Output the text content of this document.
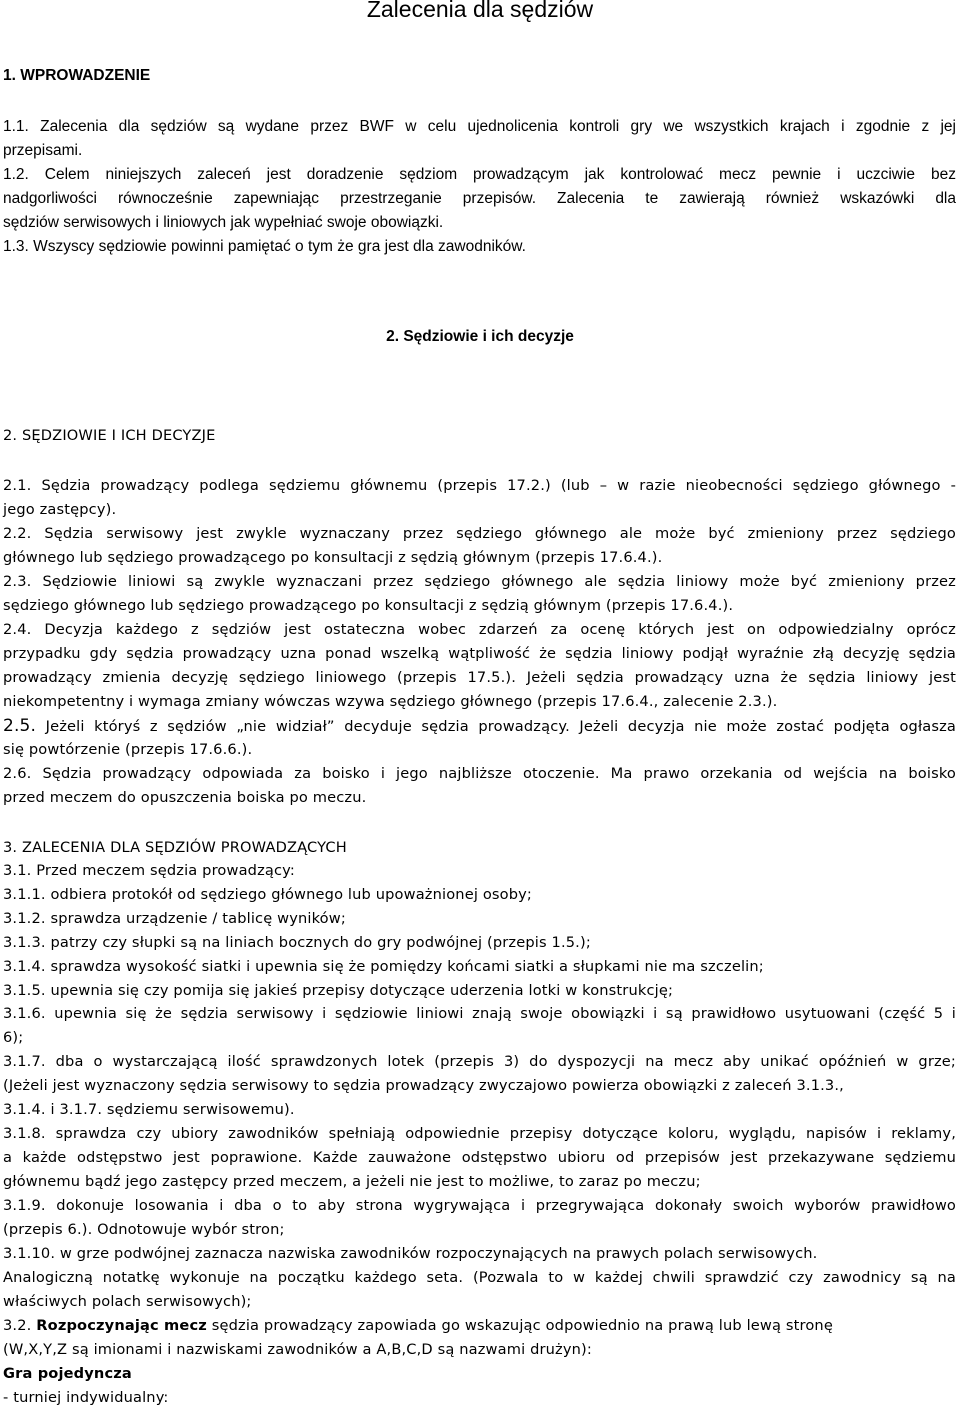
Zalecenia dla sędziów

1. WPROWADZENIE

1.1. Zalecenia dla sędziów są wydane przez BWF w celu ujednolicenia kontroli gry we wszystkich krajach i zgodnie z jej

przepisami.

1.2. Celem niniejszych zaleceń jest doradzenie sędziom prowadzącym jak kontrolować mecz pewnie i uczciwie bez

nadgorliwości równocześnie zapewniając przestrzeganie przepisów. Zalecenia te zawierają również wskazówki dla

sędziów serwisowych i liniowych jak wypełniać swoje obowiązki.

1.3. Wszyscy sędziowie powinni pamiętać o tym że gra jest dla zawodników.

2. Sędziowie i ich decyzje

2. SĘDZIOWIE I ICH DECYZJE

2.1. Sędzia prowadzący podlega sędziemu głównemu (przepis 17.2.) (lub – w razie nieobecności sędziego głównego -

jego zastępcy).

2.2. Sędzia serwisowy jest zwykle wyznaczany przez sędziego głównego ale może być zmieniony przez sędziego

głównego lub sędziego prowadzącego po konsultacji z sędzią głównym (przepis 17.6.4.).

2.3. Sędziowie liniowi są zwykle wyznaczani przez sędziego głównego ale sędzia liniowy może być zmieniony przez

sędziego głównego lub sędziego prowadzącego po konsultacji z sędzią głównym (przepis 17.6.4.).

2.4. Decyzja każdego z sędziów jest ostateczna wobec zdarzeń za ocenę których jest on odpowiedzialny oprócz

przypadku gdy sędzia prowadzący uzna ponad wszelką wątpliwość że sędzia liniowy podjął wyraźnie złą decyzję sędzia

prowadzący zmienia decyzję sędziego liniowego (przepis 17.5.). Jeżeli sędzia prowadzący uzna że sędzia liniowy jest

niekompetentny i wymaga zmiany wówczas wzywa sędziego głównego (przepis 17.6.4., zalecenie 2.3.).

2.5. Jeżeli któryś z sędziów „nie widział” decyduje sędzia prowadzący. Jeżeli decyzja nie może zostać podjęta ogłasza

się powtórzenie (przepis 17.6.6.).

2.6. Sędzia prowadzący odpowiada za boisko i jego najbliższe otoczenie. Ma prawo orzekania od wejścia na boisko

przed meczem do opuszczenia boiska po meczu.

3. ZALECENIA DLA SĘDZIÓW PROWADZĄCYCH

3.1. Przed meczem sędzia prowadzący:

3.1.1. odbiera protokół od sędziego głównego lub upoważnionej osoby;

3.1.2. sprawdza urządzenie / tablicę wyników;

3.1.3. patrzy czy słupki są na liniach bocznych do gry podwójnej (przepis 1.5.);

3.1.4. sprawdza wysokość siatki i upewnia się że pomiędzy końcami siatki a słupkami nie ma szczelin;

3.1.5. upewnia się czy pomija się jakieś przepisy dotyczące uderzenia lotki w konstrukcję;

3.1.6. upewnia się że sędzia serwisowy i sędziowie liniowi znają swoje obowiązki i są prawidłowo usytuowani (część 5 i

6);

3.1.7. dba o wystarczającą ilość sprawdzonych lotek (przepis 3) do dyspozycji na mecz aby unikać opóźnień w grze;

(Jeżeli jest wyznaczony sędzia serwisowy to sędzia prowadzący zwyczajowo powierza obowiązki z zaleceń 3.1.3.,

3.1.4. i 3.1.7. sędziemu serwisowemu).

3.1.8. sprawdza czy ubiory zawodników spełniają odpowiednie przepisy dotyczące koloru, wyglądu, napisów i reklamy,

a każde odstępstwo jest poprawione. Każde zauważone odstępstwo ubioru od przepisów jest przekazywane sędziemu

głównemu bądź jego zastępcy przed meczem, a jeżeli nie jest to możliwe, to zaraz po meczu;

3.1.9. dokonuje losowania i dba o to aby strona wygrywająca i przegrywająca dokonały swoich wyborów prawidłowo

(przepis 6.). Odnotowuje wybór stron;

3.1.10. w grze podwójnej zaznacza nazwiska zawodników rozpoczynających na prawych polach serwisowych.

Analogiczną notatkę wykonuje na początku każdego seta. (Pozwala to w każdej chwili sprawdzić czy zawodnicy są na

właściwych polach serwisowych);

3.2. Rozpoczynając mecz sędzia prowadzący zapowiada go wskazując odpowiednio na prawą lub lewą stronę

(W,X,Y,Z są imionami i nazwiskami zawodników a A,B,C,D są nazwami drużyn):

Gra pojedyncza

- turniej indywidualny:
